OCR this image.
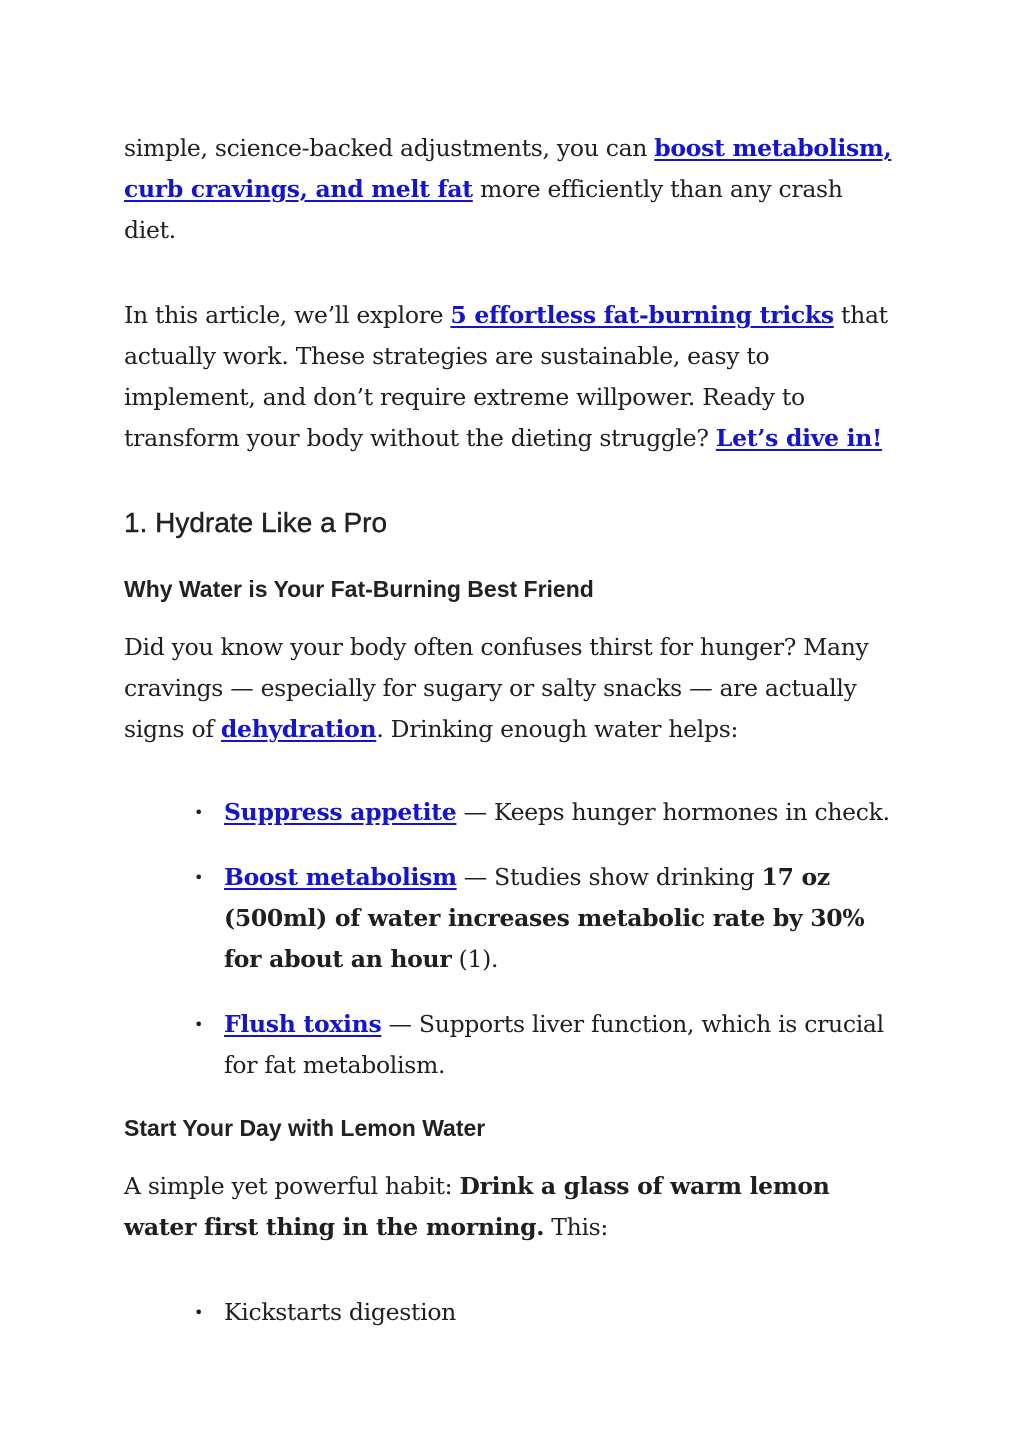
simple, science-backed adjustments, you can boost metabolism, curb cravings, and melt fat more efficiently than any crash diet.

In this article, we’ll explore 5 effortless fat-burning tricks that actually work. These strategies are sustainable, easy to implement, and don’t require extreme willpower. Ready to transform your body without the dieting struggle? Let’s dive in!

1. Hydrate Like a Pro
Why Water is Your Fat-Burning Best Friend

Did you know your body often confuses thirst for hunger? Many cravings — especially for sugary or salty snacks — are actually signs of dehydration. Drinking enough water helps:

• Suppress appetite — Keeps hunger hormones in check.
• Boost metabolism — Studies show drinking 17 oz (500ml) of water increases metabolic rate by 30% for about an hour (1).
• Flush toxins — Supports liver function, which is crucial for fat metabolism.
Start Your Day with Lemon Water

A simple yet powerful habit: Drink a glass of warm lemon water first thing in the morning. This:

• Kickstarts digestion
